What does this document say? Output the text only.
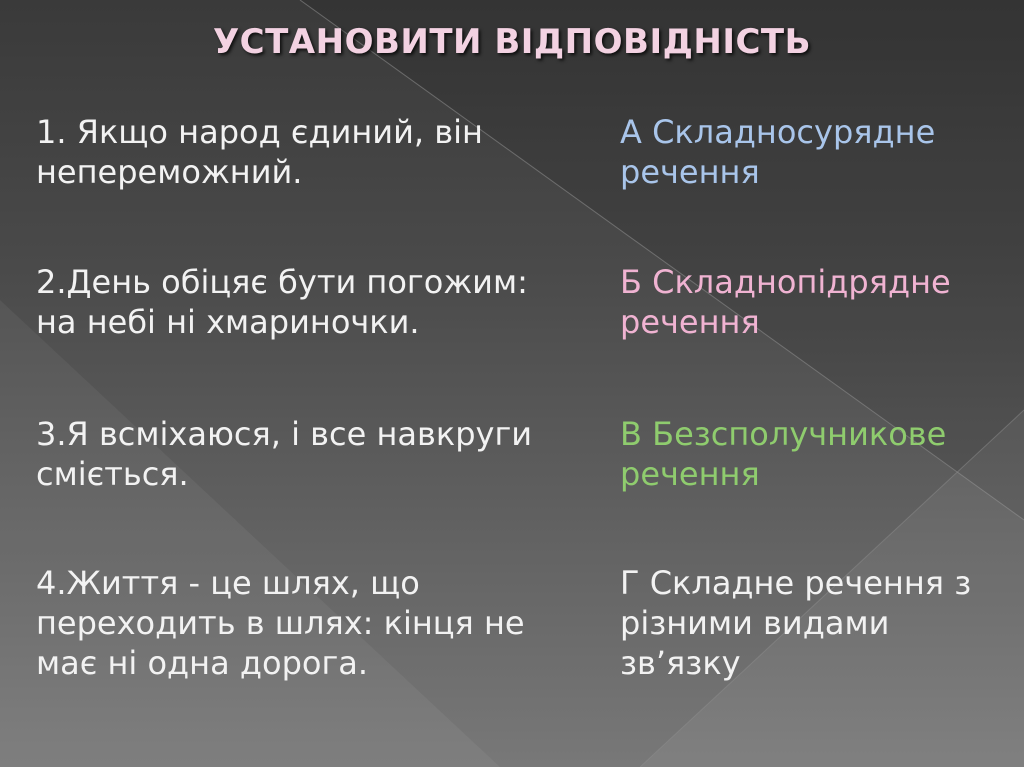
УСТАНОВИТИ ВІДПОВІДНІСТЬ
1. Якщо народ єдиний, він
непереможний.
2.День обіцяє бути погожим:
на небі ні хмариночки.
3.Я всміхаюся, і все навкруги
сміється.
4.Життя - це шлях, що
переходить в шлях: кінця не
має ні одна дорога.
А Складносурядне
речення
Б Складнопідрядне
речення
В Безсполучникове
речення
Г Складне речення з
різними видами
зв’язку
